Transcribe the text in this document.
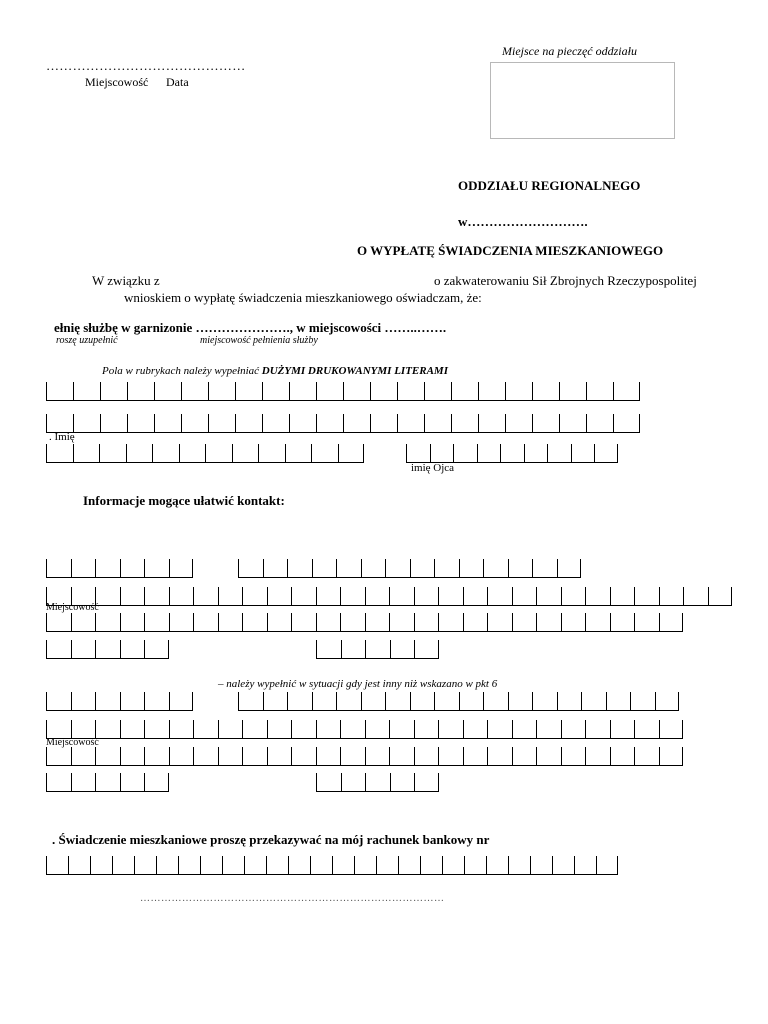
………………………………………
Miejscowość Data
Miejsce na pieczęć oddziału
ODDZIAŁU REGIONALNEGO
w……………………….
O WYPŁATĘ ŚWIADCZENIA MIESZKANIOWEGO
W związku z	o zakwaterowaniu Sił Zbrojnych Rzeczypospolitej
wnioskiem o wypłatę świadczenia mieszkaniowego oświadczam, że:
ełnię służbę w garnizonie …………………., w miejscowości ……..…….
roszę uzupełnić	miejscowość pełnienia służby
Pola w rubrykach należy wypełniać DUŻYMI DRUKOWANYMI LITERAMI
. Imię
imię Ojca
Informacje mogące ułatwić kontakt:
Miejscowość
– należy wypełnić w sytuacji gdy jest inny niż wskazano w pkt 6
Miejscowość
. Świadczenie mieszkaniowe proszę przekazywać na mój rachunek bankowy nr
……………………………………………………………………………
